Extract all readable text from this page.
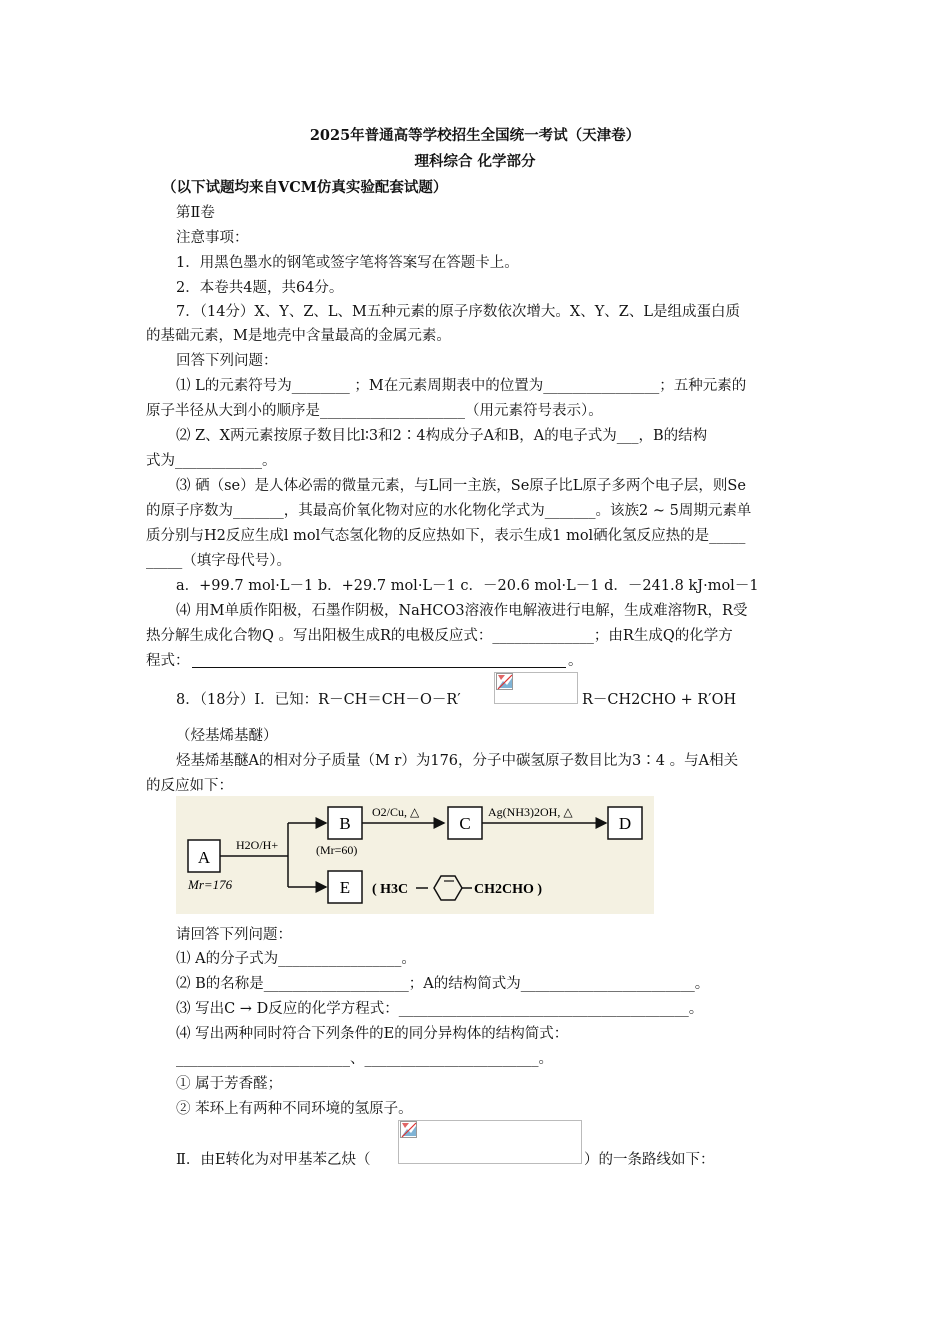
2025年普通高等学校招生全国统一考试（天津卷）
理科综合 化学部分
（以下试题均来自VCM仿真实验配套试题）
第Ⅱ卷
注意事项：
1．用黑色墨水的钢笔或签字笔将答案写在答题卡上。
2．本卷共4题，共64分。
7．（14分）X、Y、Z、L、M五种元素的原子序数依次增大。X、Y、Z、L是组成蛋白质
的基础元素，M是地壳中含量最高的金属元素。
回答下列问题：
⑴ L的元素符号为________ ；M在元素周期表中的位置为________________；五种元素的
原子半径从大到小的顺序是____________________（用元素符号表示）。
⑵ Z、X两元素按原子数目比l∶3和2∶4构成分子A和B，A的电子式为___，B的结构
式为____________。
⑶ 硒（se）是人体必需的微量元素，与L同一主族，Se原子比L原子多两个电子层，则Se
的原子序数为_______，其最高价氧化物对应的水化物化学式为_______。该族2 ~ 5周期元素单
质分别与H2反应生成l mol气态氢化物的反应热如下，表示生成1 mol硒化氢反应热的是_____
_____（填字母代号）。
a．+99.7 mol·L－1 b．+29.7 mol·L－1 c．－20.6 mol·L－1 d．－241.8 kJ·mol－1
⑷ 用M单质作阳极，石墨作阴极，NaHCO3溶液作电解液进行电解，生成难溶物R，R受
热分解生成化合物Q 。写出阳极生成R的电极反应式：______________；由R生成Q的化学方
程式：	。
8．（18分）Ⅰ．已知：R－CH＝CH－O－R′	R－CH2CHO + R′OH
（烃基烯基醚）
烃基烯基醚A的相对分子质量（M r）为176，分子中碳氢原子数目比为3∶4 。与A相关
的反应如下：
A
Mr=176
H2O/H+
B
(Mr=60)
O2/Cu, △
C
Ag(NH3)2OH, △
D
E ( H3C	CH2CHO )
请回答下列问题：
⑴ A的分子式为_________________。
⑵ B的名称是____________________；A的结构简式为________________________。
⑶ 写出C → D反应的化学方程式：________________________________________。
⑷ 写出两种同时符合下列条件的E的同分异构体的结构简式：
________________________、________________________。
① 属于芳香醛；
② 苯环上有两种不同环境的氢原子。
Ⅱ．由E转化为对甲基苯乙炔（	）的一条路线如下：
